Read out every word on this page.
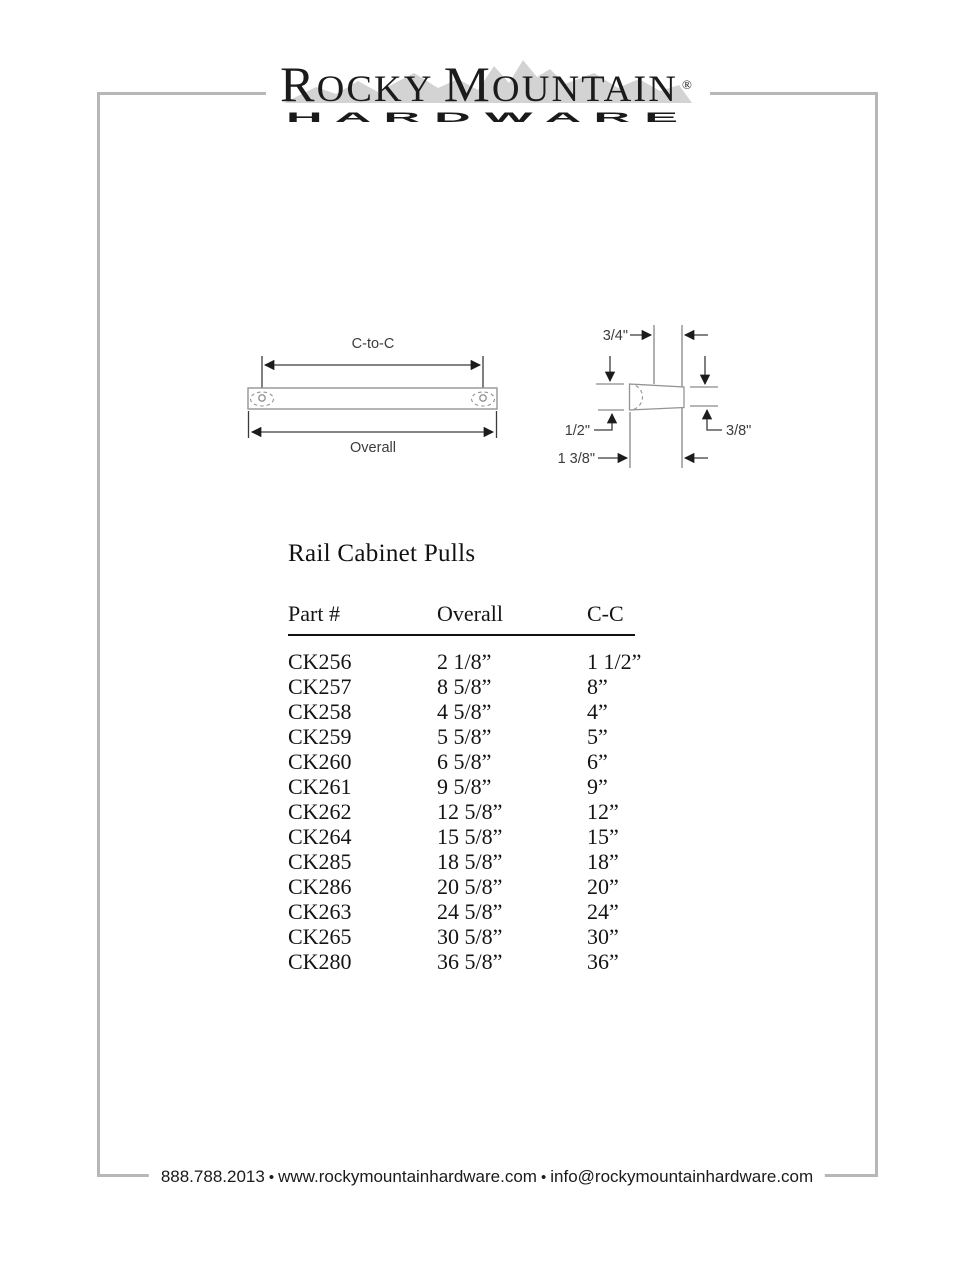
ROCKY MOUNTAIN ®
H A R D W A R E
C-to-C
Overall
3/4"
1/2"	3/8"
1 3/8"
Rail Cabinet Pulls
Part #	Overall	C-C
CK256	2 1/8”	1 1/2”
CK257	8 5/8”	8”
CK258	4 5/8”	4”
CK259	5 5/8”	5”
CK260	6 5/8”	6”
CK261	9 5/8”	9”
CK262	12 5/8”	12”
CK264	15 5/8”	15”
CK285	18 5/8”	18”
CK286	20 5/8”	20”
CK263	24 5/8”	24”
CK265	30 5/8”	30”
CK280	36 5/8”	36”
888.788.2013 • www.rockymountainhardware.com • info@rockymountainhardware.com
